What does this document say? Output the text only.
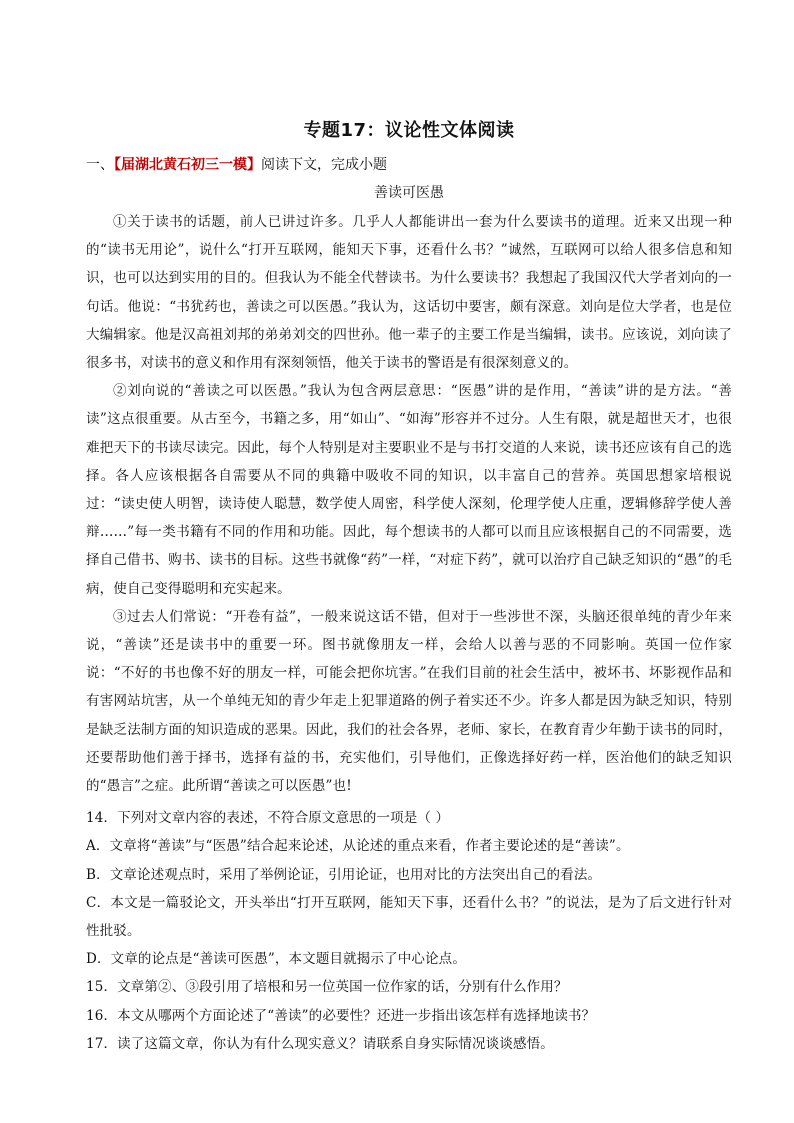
专题17：议论性文体阅读
一、【届湖北黄石初三一模】阅读下文，完成小题
善读可医愚

①关于读书的话题，前人已讲过许多。几乎人人都能讲出一套为什么要读书的道理。近来又出现一种的“读书无用论”，说什么“打开互联网，能知天下事，还看什么书？”诚然，互联网可以给人很多信息和知识，也可以达到实用的目的。但我认为不能全代替读书。为什么要读书？我想起了我国汉代大学者刘向的一句话。他说：“书犹药也，善读之可以医愚。”我认为，这话切中要害，颇有深意。刘向是位大学者，也是位大编辑家。他是汉高祖刘邦的弟弟刘交的四世孙。他一辈子的主要工作是当编辑，读书。应该说，刘向读了很多书，对读书的意义和作用有深刻领悟，他关于读书的警语是有很深刻意义的。

②刘向说的“善读之可以医愚。”我认为包含两层意思：“医愚”讲的是作用，“善读”讲的是方法。“善读”这点很重要。从古至今，书籍之多，用“如山”、“如海”形容并不过分。人生有限，就是超世天才，也很难把天下的书读尽读完。因此，每个人特别是对主要职业不是与书打交道的人来说，读书还应该有自己的选择。各人应该根据各自需要从不同的典籍中吸收不同的知识，以丰富自己的营养。英国思想家培根说过：“读史使人明智，读诗使人聪慧，数学使人周密，科学使人深刻，伦理学使人庄重，逻辑修辞学使人善辩……”每一类书籍有不同的作用和功能。因此，每个想读书的人都可以而且应该根据自己的不同需要，选择自己借书、购书、读书的目标。这些书就像“药”一样，“对症下药”，就可以治疗自己缺乏知识的“愚”的毛病，使自己变得聪明和充实起来。

③过去人们常说：“开卷有益”，一般来说这话不错，但对于一些涉世不深，头脑还很单纯的青少年来说，“善读”还是读书中的重要一环。图书就像朋友一样，会给人以善与恶的不同影响。英国一位作家说：“不好的书也像不好的朋友一样，可能会把你坑害。”在我们目前的社会生活中，被坏书、坏影视作品和有害网站坑害，从一个单纯无知的青少年走上犯罪道路的例子着实还不少。许多人都是因为缺乏知识，特别是缺乏法制方面的知识造成的恶果。因此，我们的社会各界，老师、家长，在教育青少年勤于读书的同时，还要帮助他们善于择书，选择有益的书，充实他们，引导他们，正像选择好药一样，医治他们的缺乏知识的“愚言”之症。此所谓“善读之可以医愚”也!

14．下列对文章内容的表述，不符合原文意思的一项是（ ）

A．文章将“善读”与“医愚”结合起来论述，从论述的重点来看，作者主要论述的是“善读”。

B．文章论述观点时，采用了举例论证，引用论证，也用对比的方法突出自己的看法。

C．本文是一篇驳论文，开头举出“打开互联网，能知天下事，还看什么书？”的说法，是为了后文进行针对性批驳。

D．文章的论点是“善读可医愚”，本文题目就揭示了中心论点。

15．文章第②、③段引用了培根和另一位英国一位作家的话，分别有什么作用？

16．本文从哪两个方面论述了“善读”的必要性？还进一步指出该怎样有选择地读书？

17．读了这篇文章，你认为有什么现实意义？请联系自身实际情况谈谈感悟。
